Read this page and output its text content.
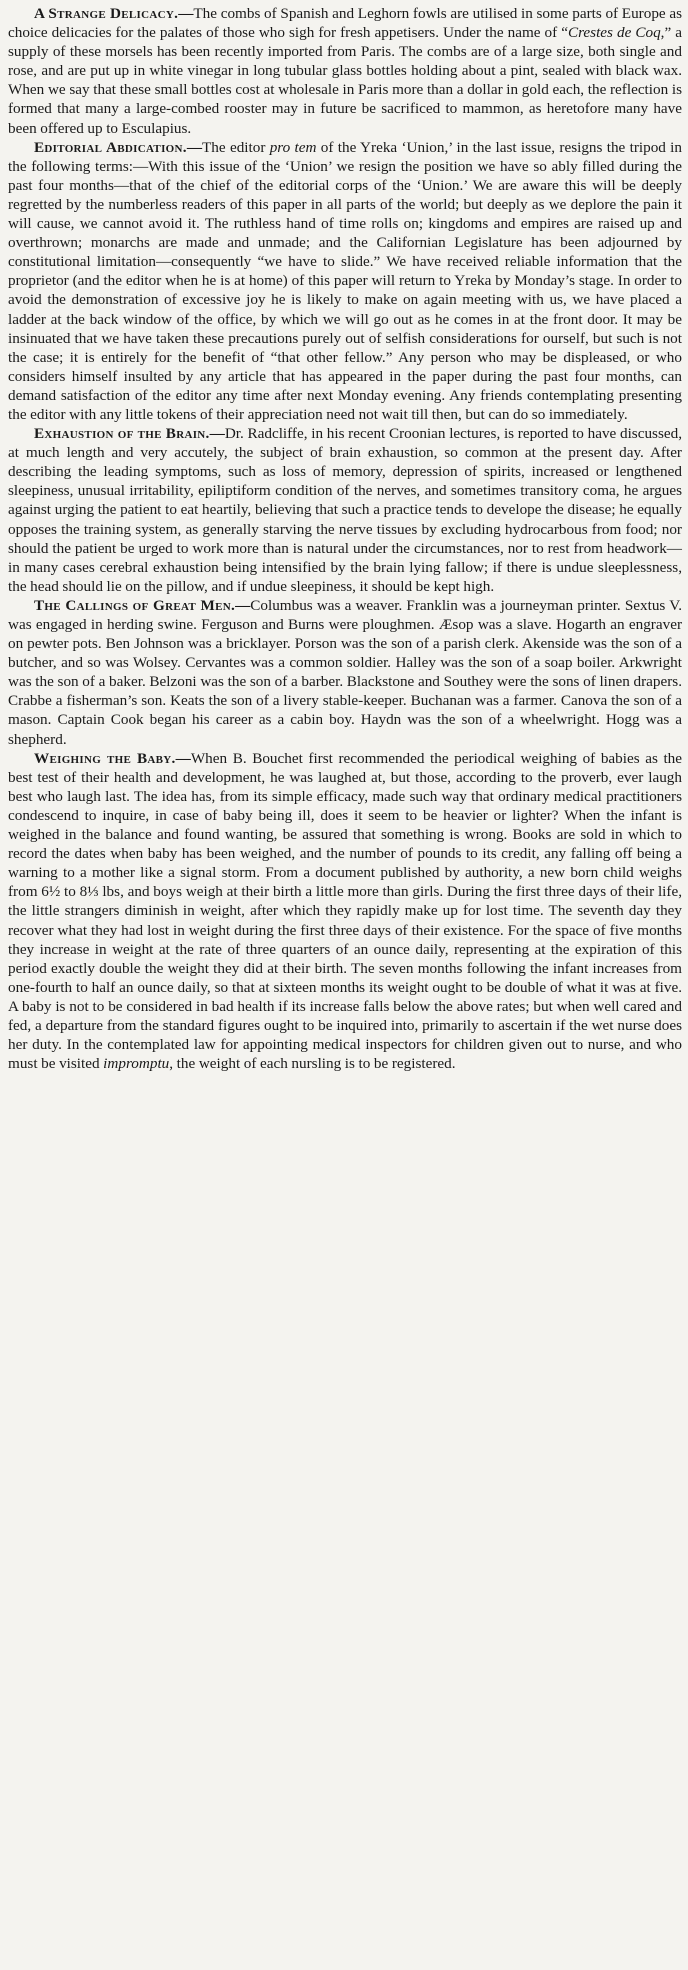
A Strange Delicacy.—The combs of Spanish and Leghorn fowls are utilised in some parts of Europe as choice delicacies for the palates of those who sigh for fresh appetisers. Under the name of “Crestes de Coq,” a supply of these morsels has been recently imported from Paris. The combs are of a large size, both single and rose, and are put up in white vinegar in long tubular glass bottles holding about a pint, sealed with black wax. When we say that these small bottles cost at wholesale in Paris more than a dollar in gold each, the reflection is formed that many a large-combed rooster may in future be sacrificed to mammon, as heretofore many have been offered up to Esculapius.

Editorial Abdication.—The editor pro tem of the Yreka ‘Union,’ in the last issue, resigns the tripod in the following terms:—With this issue of the ‘Union’ we resign the position we have so ably filled during the past four months—that of the chief of the editorial corps of the ‘Union.’ We are aware this will be deeply regretted by the numberless readers of this paper in all parts of the world; but deeply as we deplore the pain it will cause, we cannot avoid it. The ruthless hand of time rolls on; kingdoms and empires are raised up and overthrown; monarchs are made and unmade; and the Californian Legislature has been adjourned by constitutional limitation—consequently “we have to slide.” We have received reliable information that the proprietor (and the editor when he is at home) of this paper will return to Yreka by Monday’s stage. In order to avoid the demonstration of excessive joy he is likely to make on again meeting with us, we have placed a ladder at the back window of the office, by which we will go out as he comes in at the front door. It may be insinuated that we have taken these precautions purely out of selfish considerations for ourself, but such is not the case; it is entirely for the benefit of “that other fellow.” Any person who may be displeased, or who considers himself insulted by any article that has appeared in the paper during the past four months, can demand satisfaction of the editor any time after next Monday evening. Any friends contemplating presenting the editor with any little tokens of their appreciation need not wait till then, but can do so immediately.

Exhaustion of the Brain.—Dr. Radcliffe, in his recent Croonian lectures, is reported to have discussed, at much length and very accutely, the subject of brain exhaustion, so common at the present day. After describing the leading symptoms, such as loss of memory, depression of spirits, increased or lengthened sleepiness, unusual irritability, epiliptiform condition of the nerves, and sometimes transitory coma, he argues against urging the patient to eat heartily, believing that such a practice tends to develope the disease; he equally opposes the training system, as generally starving the nerve tissues by excluding hydrocarbous from food; nor should the patient be urged to work more than is natural under the circumstances, nor to rest from headwork—in many cases cerebral exhaustion being intensified by the brain lying fallow; if there is undue sleeplessness, the head should lie on the pillow, and if undue sleepiness, it should be kept high.

The Callings of Great Men.—Columbus was a weaver. Franklin was a journeyman printer. Sextus V. was engaged in herding swine. Ferguson and Burns were ploughmen. Æsop was a slave. Hogarth an engraver on pewter pots. Ben Johnson was a bricklayer. Porson was the son of a parish clerk. Akenside was the son of a butcher, and so was Wolsey. Cervantes was a common soldier. Halley was the son of a soap boiler. Arkwright was the son of a baker. Belzoni was the son of a barber. Blackstone and Southey were the sons of linen drapers. Crabbe a fisherman’s son. Keats the son of a livery stable-keeper. Buchanan was a farmer. Canova the son of a mason. Captain Cook began his career as a cabin boy. Haydn was the son of a wheelwright. Hogg was a shepherd.

Weighing the Baby.—When B. Bouchet first recommended the periodical weighing of babies as the best test of their health and development, he was laughed at, but those, according to the proverb, ever laugh best who laugh last. The idea has, from its simple efficacy, made such way that ordinary medical practitioners condescend to inquire, in case of baby being ill, does it seem to be heavier or lighter? When the infant is weighed in the balance and found wanting, be assured that something is wrong. Books are sold in which to record the dates when baby has been weighed, and the number of pounds to its credit, any falling off being a warning to a mother like a signal storm. From a document published by authority, a new born child weighs from 6½ to 8⅓ lbs, and boys weigh at their birth a little more than girls. During the first three days of their life, the little strangers diminish in weight, after which they rapidly make up for lost time. The seventh day they recover what they had lost in weight during the first three days of their existence. For the space of five months they increase in weight at the rate of three quarters of an ounce daily, representing at the expiration of this period exactly double the weight they did at their birth. The seven months following the infant increases from one-fourth to half an ounce daily, so that at sixteen months its weight ought to be double of what it was at five. A baby is not to be considered in bad health if its increase falls below the above rates; but when well cared and fed, a departure from the standard figures ought to be inquired into, primarily to ascertain if the wet nurse does her duty. In the contemplated law for appointing medical inspectors for children given out to nurse, and who must be visited impromptu, the weight of each nursling is to be registered.
